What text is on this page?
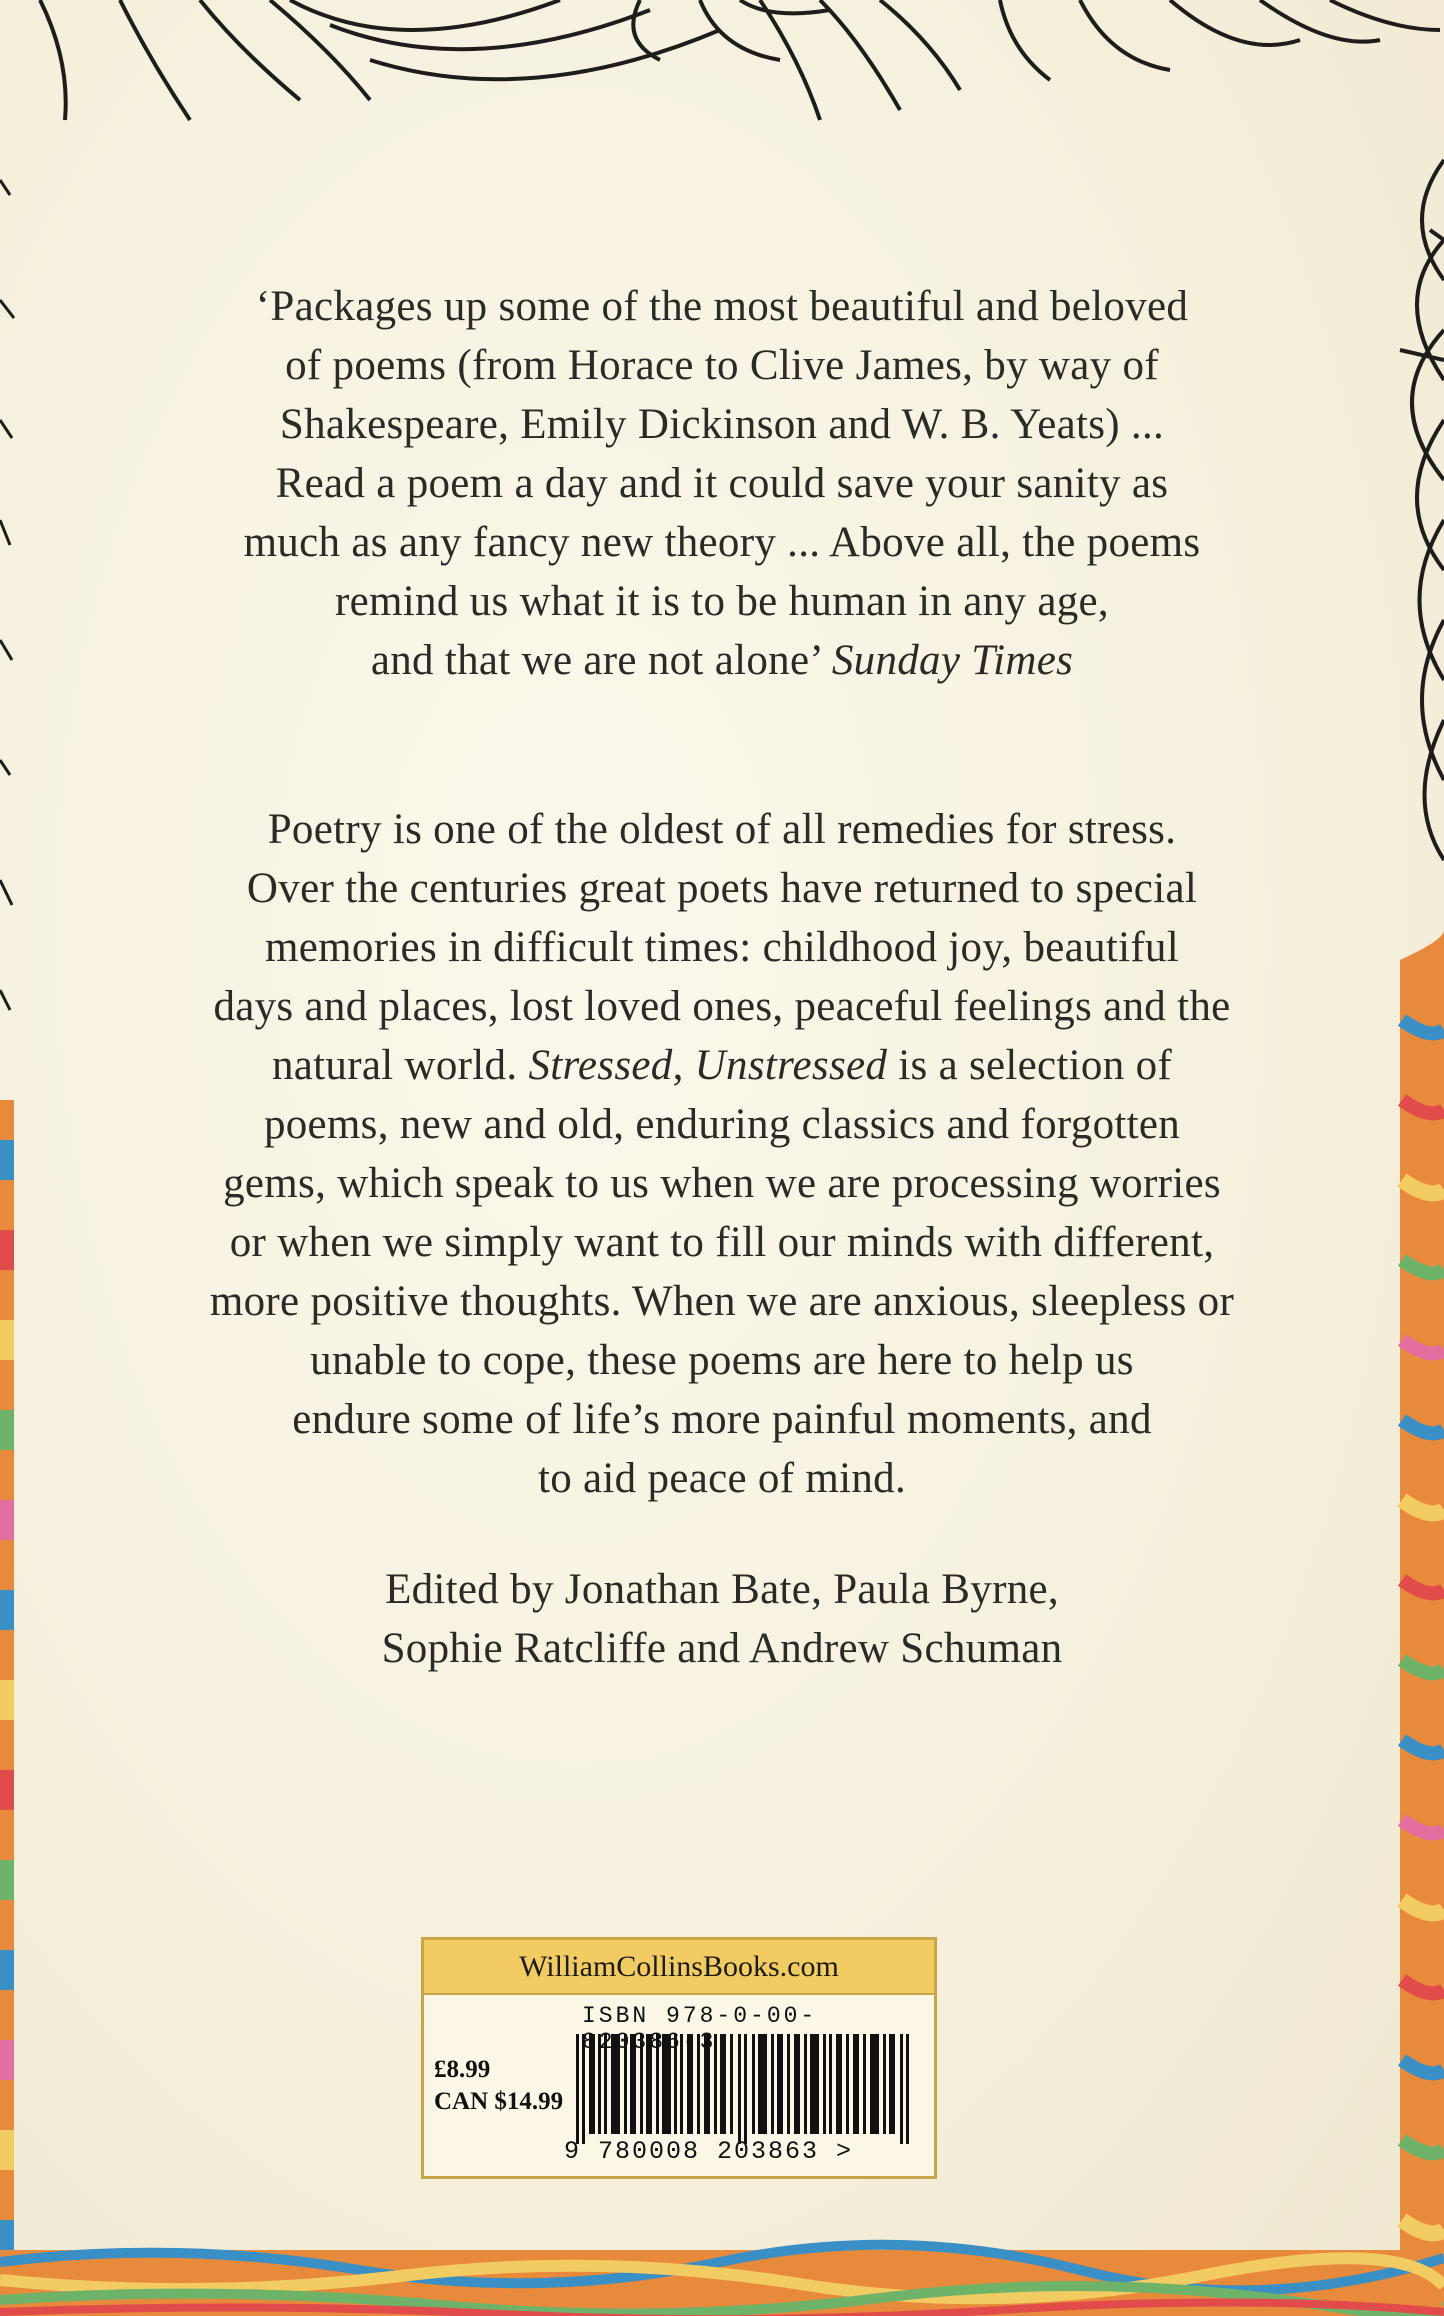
‘Packages up some of the most beautiful and beloved
of poems (from Horace to Clive James, by way of
Shakespeare, Emily Dickinson and W. B. Yeats) ...
Read a poem a day and it could save your sanity as
much as any fancy new theory ... Above all, the poems
remind us what it is to be human in any age,
and that we are not alone’ Sunday Times

Poetry is one of the oldest of all remedies for stress.
Over the centuries great poets have returned to special
memories in difficult times: childhood joy, beautiful
days and places, lost loved ones, peaceful feelings and the
natural world. Stressed, Unstressed is a selection of
poems, new and old, enduring classics and forgotten
gems, which speak to us when we are processing worries
or when we simply want to fill our minds with different,
more positive thoughts. When we are anxious, sleepless or
unable to cope, these poems are here to help us
endure some of life’s more painful moments, and
to aid peace of mind.

Edited by Jonathan Bate, Paula Byrne,
Sophie Ratcliffe and Andrew Schuman

WilliamCollinsBooks.com
ISBN 978-0-00-820 8
£8.99
CAN $14.99
9 780008 203863 >
